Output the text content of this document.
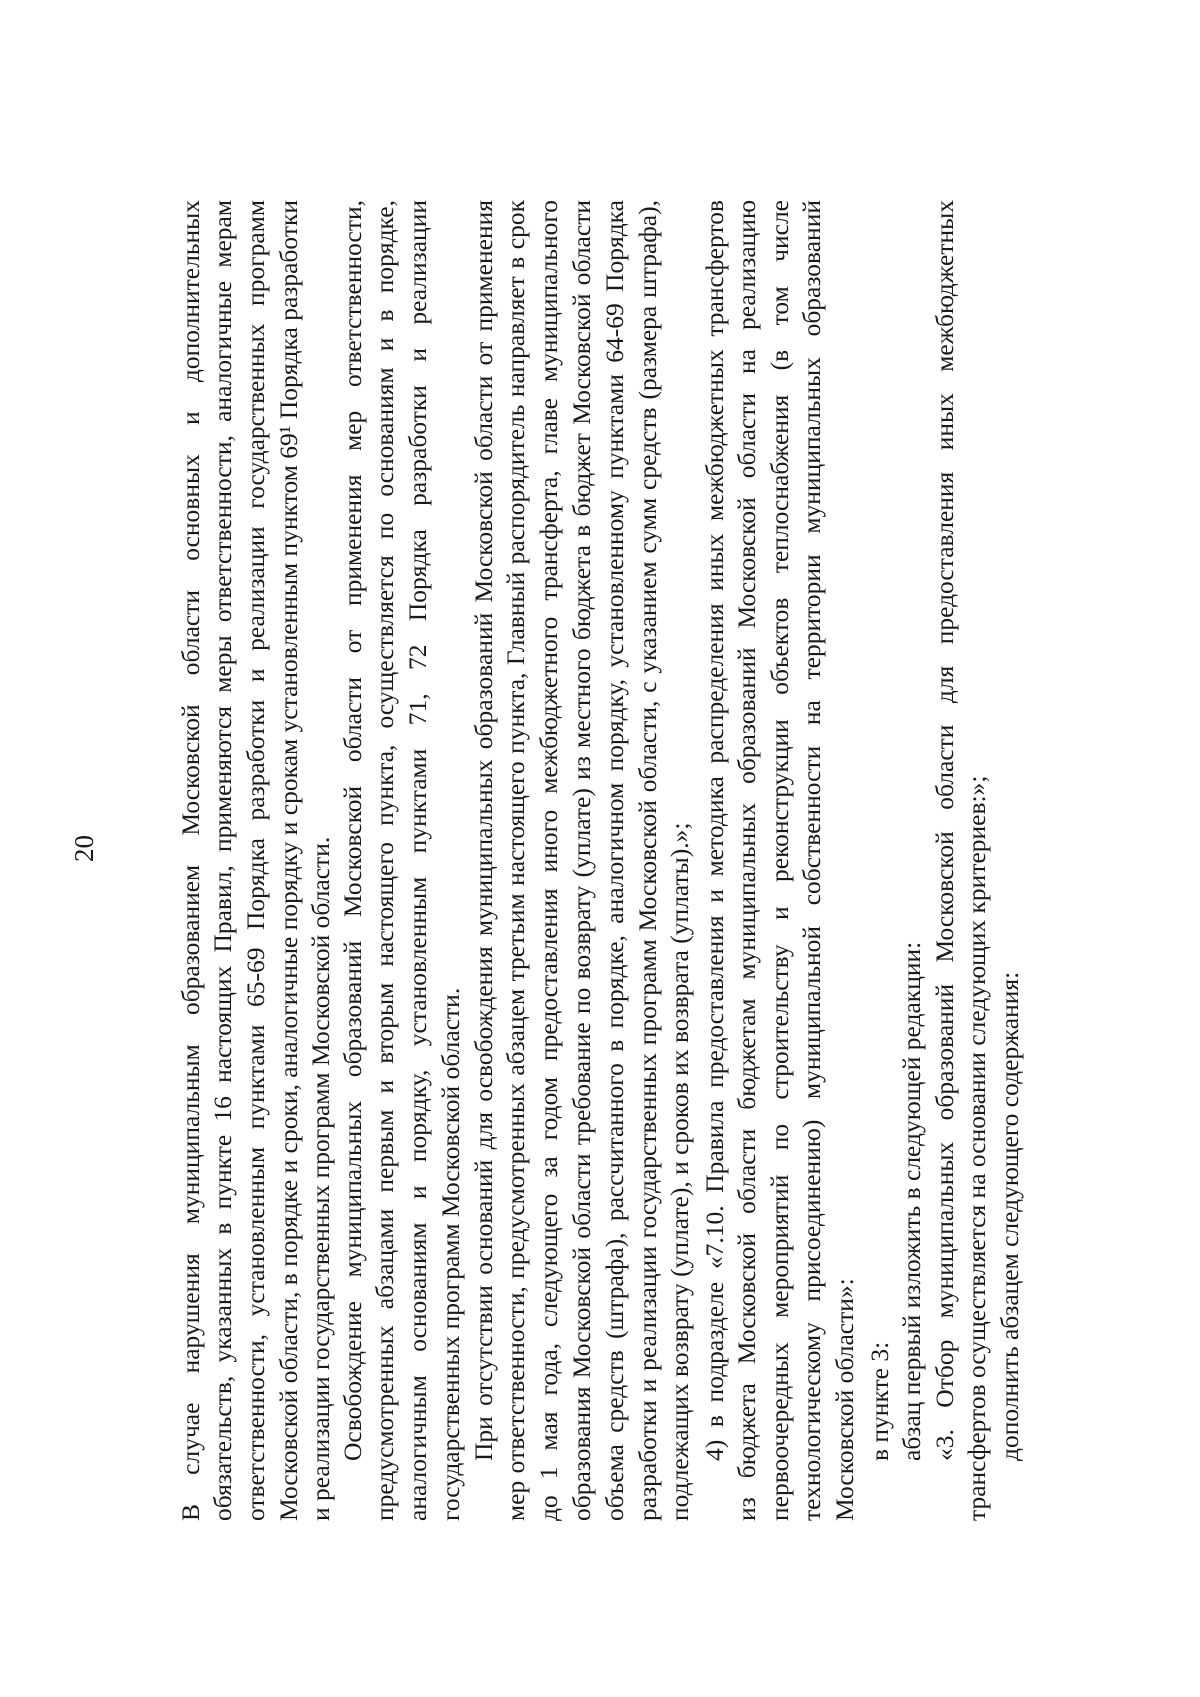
20	В случае нарушения муниципальным образованием Московской области основных и дополнительных обязательств, указанных в пункте 16 настоящих Правил, применяются меры ответственности, аналогичные мерам ответственности, установленным пунктами 65-69 Порядка разработки и реализации государственных программ Московской области, в порядке и сроки, аналогичные порядку и срокам установленным пунктом 69¹ Порядка разработки и реализации государственных программ Московской области. Освобождение муниципальных образований Московской области от применения мер ответственности, предусмотренных абзацами первым и вторым настоящего пункта, осуществляется по основаниям и в порядке, аналогичным основаниям и порядку, установленным пунктами 71, 72 Порядка разработки и реализации государственных программ Московской области. При отсутствии оснований для освобождения муниципальных образований Московской области от применения мер ответственности, предусмотренных абзацем третьим настоящего пункта, Главный распорядитель направляет в срок до 1 мая года, следующего за годом предоставления иного межбюджетного трансферта, главе муниципального образования Московской области требование по возврату (уплате) из местного бюджета в бюджет Московской области объема средств (штрафа), рассчитанного в порядке, аналогичном порядку, установленному пунктами 64-69 Порядка разработки и реализации государственных программ Московской области, с указанием сумм средств (размера штрафа), подлежащих возврату (уплате), и сроков их возврата (уплаты).»; 4) в подразделе «7.10. Правила предоставления и методика распределения иных межбюджетных трансфертов из бюджета Московской области бюджетам муниципальных образований Московской области на реализацию первоочередных мероприятий по строительству и реконструкции объектов теплоснабжения (в том числе технологическому присоединению) муниципальной собственности на территории муниципальных образований Московской области»: в пункте 3: абзац первый изложить в следующей редакции: «3. Отбор муниципальных образований Московской области для предоставления иных межбюджетных трансфертов осуществляется на основании следующих критериев:»; дополнить абзацем следующего содержания:
